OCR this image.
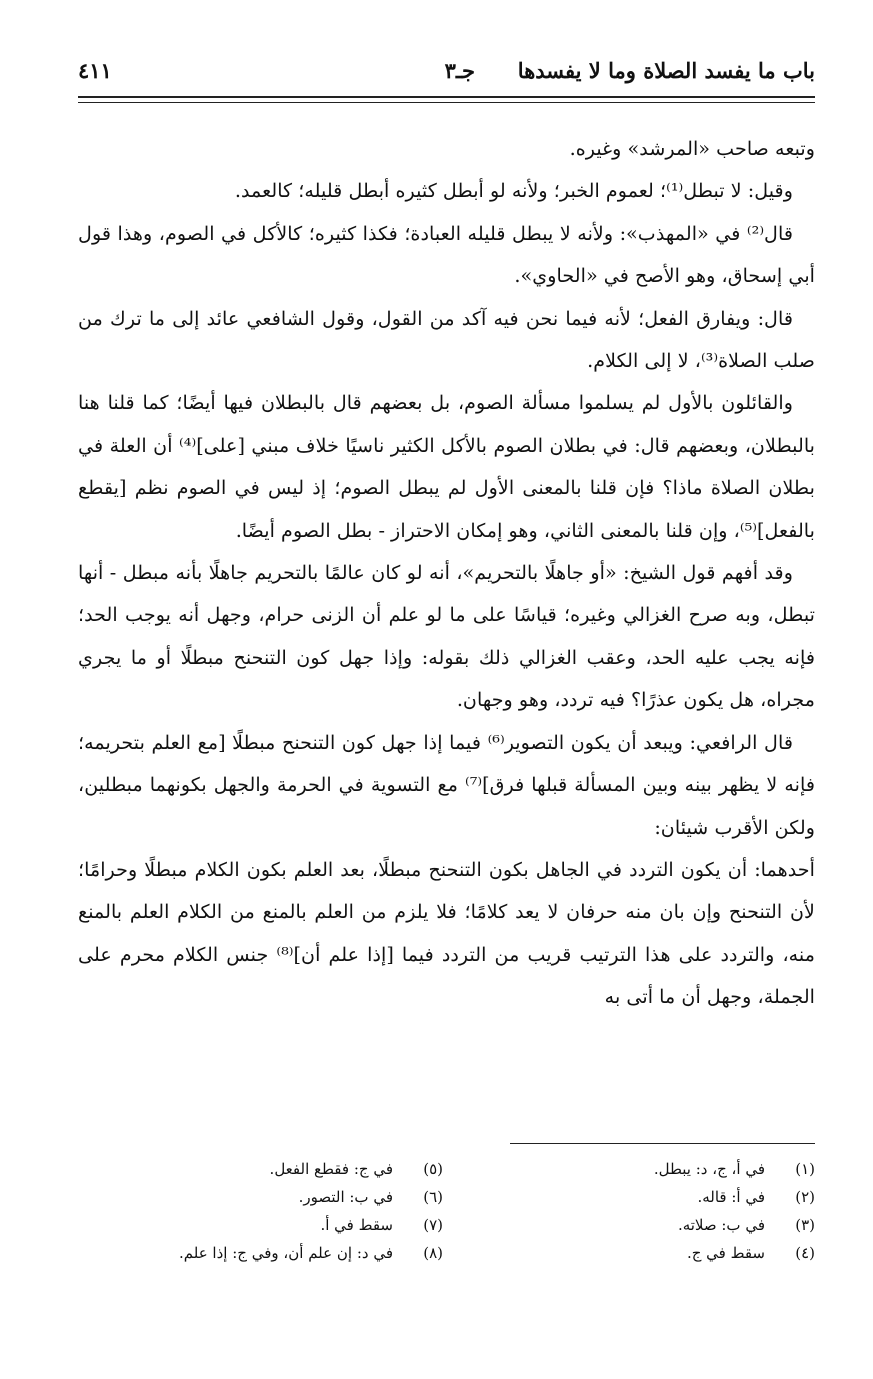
باب ما يفسد الصلاة وما لا يفسدها
جـ٣
٤١١

وتبعه صاحب «المرشد» وغيره.

وقيل: لا تبطل⁽¹⁾؛ لعموم الخبر؛ ولأنه لو أبطل كثيره أبطل قليله؛ كالعمد.

قال⁽²⁾ في «المهذب»: ولأنه لا يبطل قليله العبادة؛ فكذا كثيره؛ كالأكل في الصوم، وهذا قول أبي إسحاق، وهو الأصح في «الحاوي».

قال: ويفارق الفعل؛ لأنه فيما نحن فيه آكد من القول، وقول الشافعي عائد إلى ما ترك من صلب الصلاة⁽³⁾، لا إلى الكلام.

والقائلون بالأول لم يسلموا مسألة الصوم، بل بعضهم قال بالبطلان فيها أيضًا؛ كما قلنا هنا بالبطلان، وبعضهم قال: في بطلان الصوم بالأكل الكثير ناسيًا خلاف مبني [على]⁽⁴⁾ أن العلة في بطلان الصلاة ماذا؟ فإن قلنا بالمعنى الأول لم يبطل الصوم؛ إذ ليس في الصوم نظم [يقطع بالفعل]⁽⁵⁾، وإن قلنا بالمعنى الثاني، وهو إمكان الاحتراز - بطل الصوم أيضًا.

وقد أفهم قول الشيخ: «أو جاهلًا بالتحريم»، أنه لو كان عالمًا بالتحريم جاهلًا بأنه مبطل - أنها تبطل، وبه صرح الغزالي وغيره؛ قياسًا على ما لو علم أن الزنى حرام، وجهل أنه يوجب الحد؛ فإنه يجب عليه الحد، وعقب الغزالي ذلك بقوله: وإذا جهل كون التنحنح مبطلًا أو ما يجري مجراه، هل يكون عذرًا؟ فيه تردد، وهو وجهان.

قال الرافعي: ويبعد أن يكون التصوير⁽⁶⁾ فيما إذا جهل كون التنحنح مبطلًا [مع العلم بتحريمه؛ فإنه لا يظهر بينه وبين المسألة قبلها فرق]⁽⁷⁾ مع التسوية في الحرمة والجهل بكونهما مبطلين، ولكن الأقرب شيئان:

أحدهما: أن يكون التردد في الجاهل بكون التنحنح مبطلًا، بعد العلم بكون الكلام مبطلًا وحرامًا؛ لأن التنحنح وإن بان منه حرفان لا يعد كلامًا؛ فلا يلزم من العلم بالمنع من الكلام العلم بالمنع منه، والتردد على هذا الترتيب قريب من التردد فيما [إذا علم أن]⁽⁸⁾ جنس الكلام محرم على الجملة، وجهل أن ما أتى به

(١)
في أ، ج، د: يبطل.
(٢)
في أ: قاله.
(٣)
في ب: صلاته.
(٤)
سقط في ج.
(٥)
في ج: فقطع الفعل.
(٦)
في ب: التصور.
(٧)
سقط في أ.
(٨)
في د: إن علم أن، وفي ج: إذا علم.
